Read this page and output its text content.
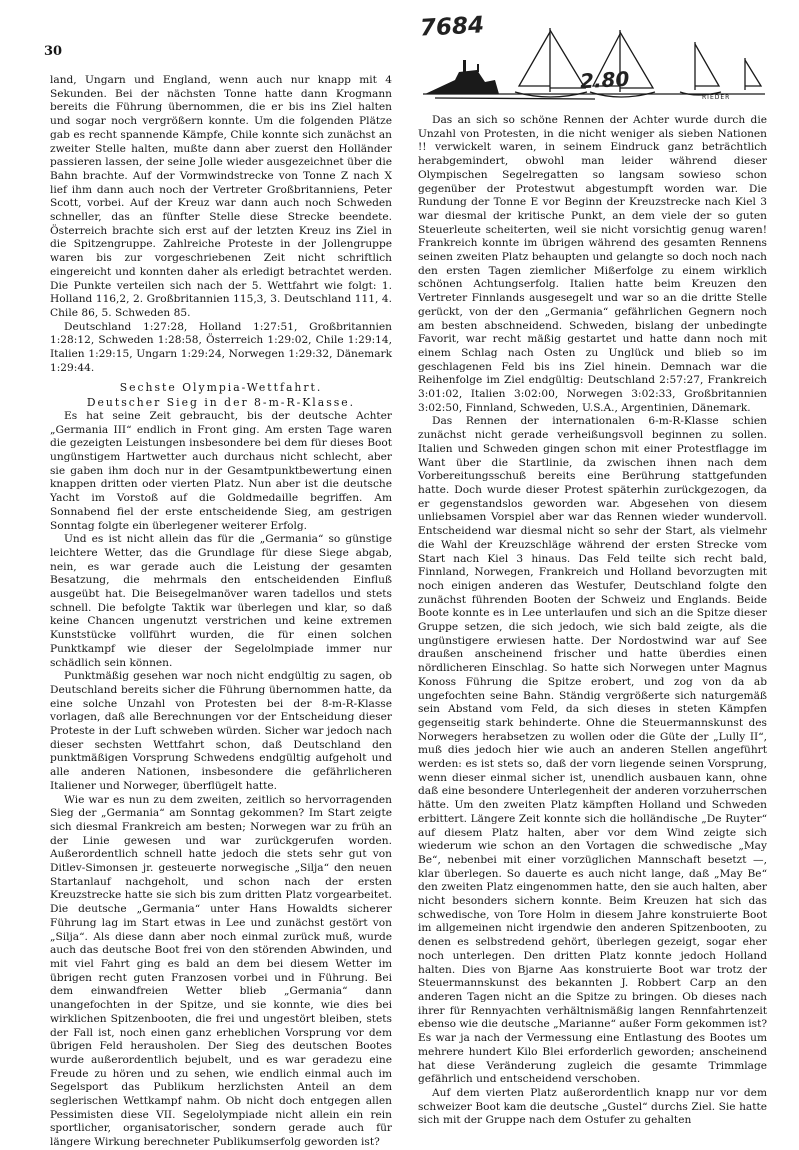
30
7684
2.80
RIEDER

land, Ungarn und England, wenn auch nur knapp mit 4 Sekunden. Bei der nächsten Tonne hatte dann Krogmann bereits die Führung übernommen, die er bis ins Ziel halten und sogar noch vergrößern konnte. Um die folgenden Plätze gab es recht spannende Kämpfe, Chile konnte sich zunächst an zweiter Stelle halten, mußte dann aber zuerst den Holländer passieren lassen, der seine Jolle wieder ausgezeichnet über die Bahn brachte. Auf der Vormwindstrecke von Tonne Z nach X lief ihm dann auch noch der Vertreter Großbritanniens, Peter Scott, vorbei. Auf der Kreuz war dann auch noch Schweden schneller, das an fünfter Stelle diese Strecke beendete. Österreich brachte sich erst auf der letzten Kreuz ins Ziel in die Spitzengruppe. Zahlreiche Proteste in der Jollengruppe waren bis zur vorgeschriebenen Zeit nicht schriftlich eingereicht und konnten daher als erledigt betrachtet werden. Die Punkte verteilen sich nach der 5. Wettfahrt wie folgt: 1. Holland 116,2, 2. Großbritannien 115,3, 3. Deutschland 111, 4. Chile 86, 5. Schweden 85.

Deutschland 1:27:28, Holland 1:27:51, Großbritannien 1:28:12, Schweden 1:28:58, Österreich 1:29:02, Chile 1:29:14, Italien 1:29:15, Ungarn 1:29:24, Norwegen 1:29:32, Dänemark 1:29:44.

Sechste Olympia-Wettfahrt.
Deutscher Sieg in der 8-m-R-Klasse.

Es hat seine Zeit gebraucht, bis der deutsche Achter „Germania III“ endlich in Front ging. Am ersten Tage waren die gezeigten Leistungen insbesondere bei dem für dieses Boot ungünstigem Hartwetter auch durchaus nicht schlecht, aber sie gaben ihm doch nur in der Gesamtpunktbewertung einen knappen dritten oder vierten Platz. Nun aber ist die deutsche Yacht im Vorstoß auf die Goldmedaille begriffen. Am Sonnabend fiel der erste entscheidende Sieg, am gestrigen Sonntag folgte ein überlegener weiterer Erfolg.

Und es ist nicht allein das für die „Germania“ so günstige leichtere Wetter, das die Grundlage für diese Siege abgab, nein, es war gerade auch die Leistung der gesamten Besatzung, die mehrmals den entscheidenden Einfluß ausgeübt hat. Die Beisegelmanöver waren tadellos und stets schnell. Die befolgte Taktik war überlegen und klar, so daß keine Chancen ungenutzt verstrichen und keine extremen Kunststücke vollführt wurden, die für einen solchen Punktkampf wie dieser der Segelolmpiade immer nur schädlich sein können.

Punktmäßig gesehen war noch nicht endgültig zu sagen, ob Deutschland bereits sicher die Führung übernommen hatte, da eine solche Unzahl von Protesten bei der 8-m-R-Klasse vorlagen, daß alle Berechnungen vor der Entscheidung dieser Proteste in der Luft schweben würden. Sicher war jedoch nach dieser sechsten Wettfahrt schon, daß Deutschland den punktmäßigen Vorsprung Schwedens endgültig aufgeholt und alle anderen Nationen, insbesondere die gefährlicheren Italiener und Norweger, überflügelt hatte.

Wie war es nun zu dem zweiten, zeitlich so hervorragenden Sieg der „Germania“ am Sonntag gekommen? Im Start zeigte sich diesmal Frankreich am besten; Norwegen war zu früh an der Linie gewesen und war zurückgerufen worden. Außerordentlich schnell hatte jedoch die stets sehr gut von Ditlev-Simonsen jr. gesteuerte norwegische „Silja“ den neuen Startanlauf nachgeholt, und schon nach der ersten Kreuzstrecke hatte sie sich bis zum dritten Platz vorgearbeitet. Die deutsche „Germania“ unter Hans Howaldts sicherer Führung lag im Start etwas in Lee und zunächst gestört von „Silja“. Als diese dann aber noch einmal zurück muß, wurde auch das deutsche Boot frei von den störenden Abwinden, und mit viel Fahrt ging es bald an dem bei diesem Wetter im übrigen recht guten Franzosen vorbei und in Führung. Bei dem einwandfreien Wetter blieb „Germania“ dann unangefochten in der Spitze, und sie konnte, wie dies bei wirklichen Spitzenbooten, die frei und ungestört bleiben, stets der Fall ist, noch einen ganz erheblichen Vorsprung vor dem übrigen Feld herausholen. Der Sieg des deutschen Bootes wurde außerordentlich bejubelt, und es war geradezu eine Freude zu hören und zu sehen, wie endlich einmal auch im Segelsport das Publikum herzlichsten Anteil an dem seglerischen Wettkampf nahm. Ob nicht doch entgegen allen Pessimisten diese VII. Segelolympiade nicht allein ein rein sportlicher, organisatorischer, sondern gerade auch für längere Wirkung berechneter Publikumserfolg geworden ist?

Das an sich so schöne Rennen der Achter wurde durch die Unzahl von Protesten, in die nicht weniger als sieben Nationen !! verwickelt waren, in seinem Eindruck ganz beträchtlich herabgemindert, obwohl man leider während dieser Olympischen Segelregatten so langsam sowieso schon gegenüber der Protestwut abgestumpft worden war. Die Rundung der Tonne E vor Beginn der Kreuzstrecke nach Kiel 3 war diesmal der kritische Punkt, an dem viele der so guten Steuerleute scheiterten, weil sie nicht vorsichtig genug waren! Frankreich konnte im übrigen während des gesamten Rennens seinen zweiten Platz behaupten und gelangte so doch noch nach den ersten Tagen ziemlicher Mißerfolge zu einem wirklich schönen Achtungserfolg. Italien hatte beim Kreuzen den Vertreter Finnlands ausgesegelt und war so an die dritte Stelle gerückt, von der den „Germania“ gefährlichen Gegnern noch am besten abschneidend. Schweden, bislang der unbedingte Favorit, war recht mäßig gestartet und hatte dann noch mit einem Schlag nach Osten zu Unglück und blieb so im geschlagenen Feld bis ins Ziel hinein. Demnach war die Reihenfolge im Ziel endgültig: Deutschland 2:57:27, Frankreich 3:01:02, Italien 3:02:00, Norwegen 3:02:33, Großbritannien 3:02:50, Finnland, Schweden, U.S.A., Argentinien, Dänemark.

Das Rennen der internationalen 6-m-R-Klasse schien zunächst nicht gerade verheißungsvoll beginnen zu sollen. Italien und Schweden gingen schon mit einer Protestflagge im Want über die Startlinie, da zwischen ihnen nach dem Vorbereitungsschuß bereits eine Berührung stattgefunden hatte. Doch wurde dieser Protest späterhin zurückgezogen, da er gegenstandslos geworden war. Abgesehen von diesem unliebsamen Vorspiel aber war das Rennen wieder wundervoll. Entscheidend war diesmal nicht so sehr der Start, als vielmehr die Wahl der Kreuzschläge während der ersten Strecke vom Start nach Kiel 3 hinaus. Das Feld teilte sich recht bald, Finnland, Norwegen, Frankreich und Holland bevorzugten mit noch einigen anderen das Westufer, Deutschland folgte den zunächst führenden Booten der Schweiz und Englands. Beide Boote konnte es in Lee unterlaufen und sich an die Spitze dieser Gruppe setzen, die sich jedoch, wie sich bald zeigte, als die ungünstigere erwiesen hatte. Der Nordostwind war auf See draußen anscheinend frischer und hatte überdies einen nördlicheren Einschlag. So hatte sich Norwegen unter Magnus Konoss Führung die Spitze erobert, und zog von da ab ungefochten seine Bahn. Ständig vergrößerte sich naturgemäß sein Abstand vom Feld, da sich dieses in steten Kämpfen gegenseitig stark behinderte. Ohne die Steuermannskunst des Norwegers herabsetzen zu wollen oder die Güte der „Lully II“, muß dies jedoch hier wie auch an anderen Stellen angeführt werden: es ist stets so, daß der vorn liegende seinen Vorsprung, wenn dieser einmal sicher ist, unendlich ausbauen kann, ohne daß eine besondere Unterlegenheit der anderen vorzuherrschen hätte. Um den zweiten Platz kämpften Holland und Schweden erbittert. Längere Zeit konnte sich die holländische „De Ruyter“ auf diesem Platz halten, aber vor dem Wind zeigte sich wiederum wie schon an den Vortagen die schwedische „May Be“, nebenbei mit einer vorzüglichen Mannschaft besetzt —, klar überlegen. So dauerte es auch nicht lange, daß „May Be“ den zweiten Platz eingenommen hatte, den sie auch halten, aber nicht besonders sichern konnte. Beim Kreuzen hat sich das schwedische, von Tore Holm in diesem Jahre konstruierte Boot im allgemeinen nicht irgendwie den anderen Spitzenbooten, zu denen es selbstredend gehört, überlegen gezeigt, sogar eher noch unterlegen. Den dritten Platz konnte jedoch Holland halten. Dies von Bjarne Aas konstruierte Boot war trotz der Steuermannskunst des bekannten J. Robbert Carp an den anderen Tagen nicht an die Spitze zu bringen. Ob dieses nach ihrer für Rennyachten verhältnismäßig langen Rennfahrtenzeit ebenso wie die deutsche „Marianne“ außer Form gekommen ist? Es war ja nach der Vermessung eine Entlastung des Bootes um mehrere hundert Kilo Blei erforderlich geworden; anscheinend hat diese Veränderung zugleich die gesamte Trimmlage gefährlich und entscheidend verschoben.

Auf dem vierten Platz außerordentlich knapp nur vor dem schweizer Boot kam die deutsche „Gustel“ durchs Ziel. Sie hatte sich mit der Gruppe nach dem Ostufer zu gehalten
